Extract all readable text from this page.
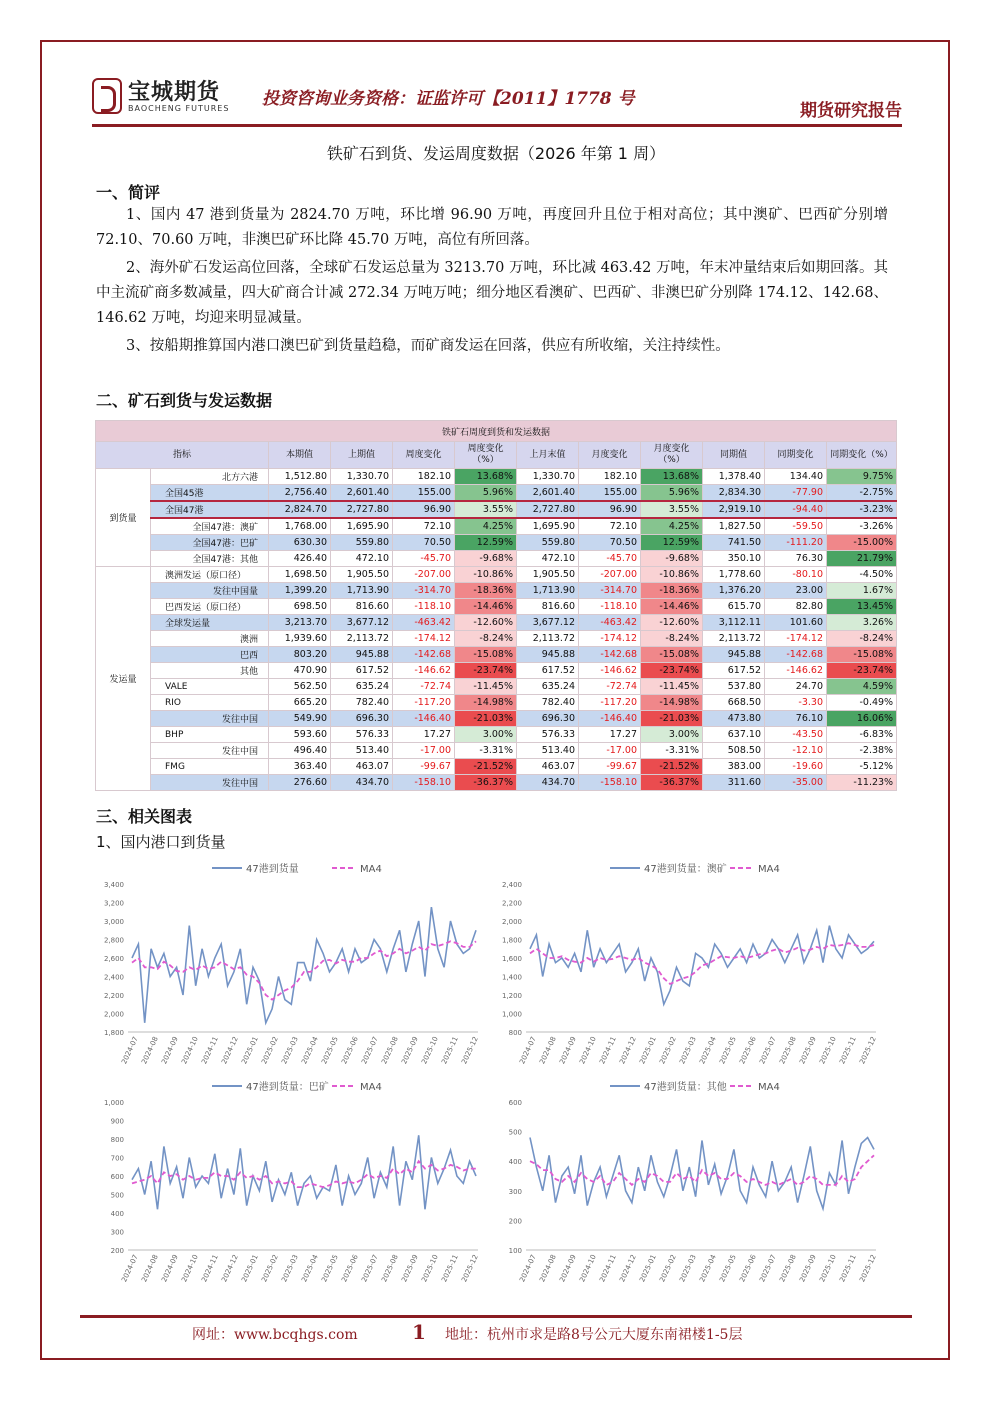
宝城期货
BAOCHENG FUTURES 投资咨询业务资格：证监许可【2011】1778 号
期货研究报告
铁矿石到货、发运周度数据（2026 年第 1 周）
一、简评
1、国内 47 港到货量为 2824.70 万吨，环比增 96.90 万吨，再度回升且位于相对高位；其中澳矿、巴西矿分别增 72.10、70.60 万吨，非澳巴矿环比降 45.70 万吨，高位有所回落。
2、海外矿石发运高位回落，全球矿石发运总量为 3213.70 万吨，环比减 463.42 万吨，年末冲量结束后如期回落。其中主流矿商多数减量，四大矿商合计减 272.34 万吨万吨；细分地区看澳矿、巴西矿、非澳巴矿分别降 174.12、142.68、146.62 万吨，均迎来明显减量。
3、按船期推算国内港口澳巴矿到货量趋稳，而矿商发运在回落，供应有所收缩，关注持续性。
二、矿石到货与发运数据
铁矿石周度到货和发运数据											
指标		本期值	上期值	周度变化	周度变化（%）	上月末值	月度变化	月度变化（%）	同期值	同期变化	同期变化（%）
到货量	北方六港	1,512.80	1,330.70	182.10	13.68%	1,330.70	182.10	13.68%	1,378.40	134.40	9.75%
	全国45港	2,756.40	2,601.40	155.00	5.96%	2,601.40	155.00	5.96%	2,834.30	-77.90	-2.75%
	全国47港	2,824.70	2,727.80	96.90	3.55%	2,727.80	96.90	3.55%	2,919.10	-94.40	-3.23%
	全国47港：澳矿	1,768.00	1,695.90	72.10	4.25%	1,695.90	72.10	4.25%	1,827.50	-59.50	-3.26%
	全国47港：巴矿	630.30	559.80	70.50	12.59%	559.80	70.50	12.59%	741.50	-111.20	-15.00%
	全国47港：其他	426.40	472.10	-45.70	-9.68%	472.10	-45.70	-9.68%	350.10	76.30	21.79%
发运量	澳洲发运（原口径）	1,698.50	1,905.50	-207.00	-10.86%	1,905.50	-207.00	-10.86%	1,778.60	-80.10	-4.50%
	发往中国量	1,399.20	1,713.90	-314.70	-18.36%	1,713.90	-314.70	-18.36%	1,376.20	23.00	1.67%
	巴西发运（原口径）	698.50	816.60	-118.10	-14.46%	816.60	-118.10	-14.46%	615.70	82.80	13.45%
	全球发运量	3,213.70	3,677.12	-463.42	-12.60%	3,677.12	-463.42	-12.60%	3,112.11	101.60	3.26%
	澳洲	1,939.60	2,113.72	-174.12	-8.24%	2,113.72	-174.12	-8.24%	2,113.72	-174.12	-8.24%
	巴西	803.20	945.88	-142.68	-15.08%	945.88	-142.68	-15.08%	945.88	-142.68	-15.08%
	其他	470.90	617.52	-146.62	-23.74%	617.52	-146.62	-23.74%	617.52	-146.62	-23.74%
	VALE	562.50	635.24	-72.74	-11.45%	635.24	-72.74	-11.45%	537.80	24.70	4.59%
	RIO	665.20	782.40	-117.20	-14.98%	782.40	-117.20	-14.98%	668.50	-3.30	-0.49%
	发往中国	549.90	696.30	-146.40	-21.03%	696.30	-146.40	-21.03%	473.80	76.10	16.06%
	BHP	593.60	576.33	17.27	3.00%	576.33	17.27	3.00%	637.10	-43.50	-6.83%
	发往中国	496.40	513.40	-17.00	-3.31%	513.40	-17.00	-3.31%	508.50	-12.10	-2.38%
	FMG	363.40	463.07	-99.67	-21.52%	463.07	-99.67	-21.52%	383.00	-19.60	-5.12%
	发往中国	276.60	434.70	-158.10	-36.37%	434.70	-158.10	-36.37%	311.60	-35.00	-11.23%
三、相关图表
1、国内港口到货量
47港到货量	MA4
1,800
2,000
2,200
2,400
2,600
2,800
3,000
3,200
3,400
2024-07 2024-08 2024-09 2024-10 2024-11 2024-12 2025-01 2025-02 2025-03 2025-04 2025-05 2025-06 2025-07 2025-08 2025-09 2025-10 2025-11 2025-12
47港到货量：澳矿	MA4
800
1,000
1,200
1,400
1,600
1,800
2,000
2,200
2,400
2024-07 2024-08 2024-09 2024-10 2024-11 2024-12 2025-01 2025-02 2025-03 2025-04 2025-05 2025-06 2025-07 2025-08 2025-09 2025-10 2025-11 2025-12
47港到货量：巴矿	MA4
200
300
400
500
600
700
800
900
1,000
2024-07 2024-08 2024-09 2024-10 2024-11 2024-12 2025-01 2025-02 2025-03 2025-04 2025-05 2025-06 2025-07 2025-08 2025-09 2025-10 2025-11 2025-12
47港到货量：其他	MA4
100
200
300
400
500
600
2024-07 2024-08 2024-09 2024-10 2024-11 2024-12 2025-01 2025-02 2025-03 2025-04 2025-05 2025-06 2025-07 2025-08 2025-09 2025-10 2025-11 2025-12
网址：www.bcqhgs.com	1 地址：杭州市求是路8号公元大厦东南裙楼1-5层
